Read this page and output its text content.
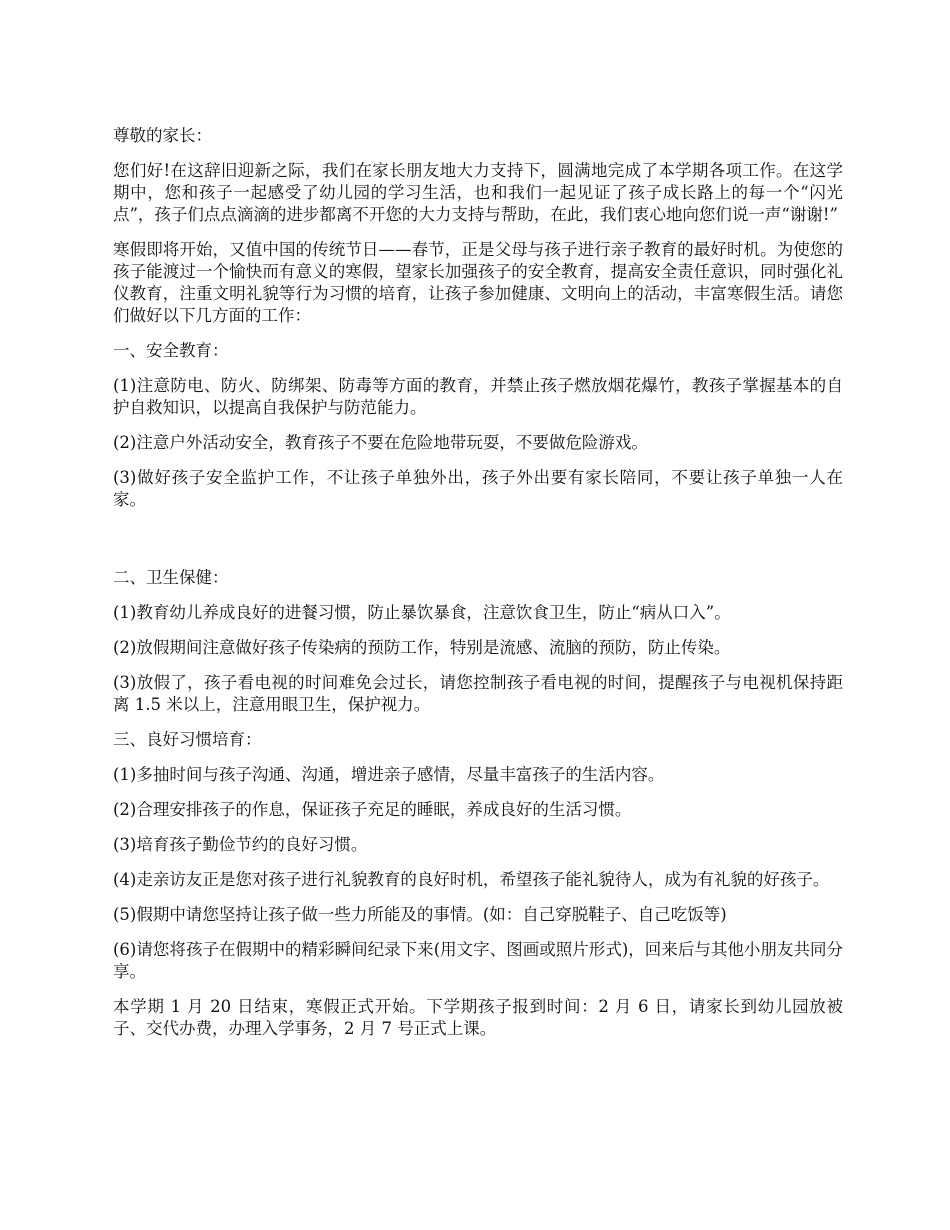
尊敬的家长：

您们好!在这辞旧迎新之际，我们在家长朋友地大力支持下，圆满地完成了本学期各项工作。在这学期中，您和孩子一起感受了幼儿园的学习生活，也和我们一起见证了孩子成长路上的每一个“闪光点”，孩子们点点滴滴的进步都离不开您的大力支持与帮助，在此，我们衷心地向您们说一声“谢谢!”

寒假即将开始，又值中国的传统节日——春节，正是父母与孩子进行亲子教育的最好时机。为使您的孩子能渡过一个愉快而有意义的寒假，望家长加强孩子的安全教育，提高安全责任意识，同时强化礼仪教育，注重文明礼貌等行为习惯的培育，让孩子参加健康、文明向上的活动，丰富寒假生活。请您们做好以下几方面的工作：

一、安全教育：

(1)注意防电、防火、防绑架、防毒等方面的教育，并禁止孩子燃放烟花爆竹，教孩子掌握基本的自护自救知识，以提高自我保护与防范能力。

(2)注意户外活动安全，教育孩子不要在危险地带玩耍，不要做危险游戏。

(3)做好孩子安全监护工作，不让孩子单独外出，孩子外出要有家长陪同，不要让孩子单独一人在家。

二、卫生保健：

(1)教育幼儿养成良好的进餐习惯，防止暴饮暴食，注意饮食卫生，防止“病从口入”。

(2)放假期间注意做好孩子传染病的预防工作，特别是流感、流脑的预防，防止传染。

(3)放假了，孩子看电视的时间难免会过长，请您控制孩子看电视的时间，提醒孩子与电视机保持距离 1.5 米以上，注意用眼卫生，保护视力。

三、良好习惯培育：

(1)多抽时间与孩子沟通、沟通，增进亲子感情，尽量丰富孩子的生活内容。

(2)合理安排孩子的作息，保证孩子充足的睡眠，养成良好的生活习惯。

(3)培育孩子勤俭节约的良好习惯。

(4)走亲访友正是您对孩子进行礼貌教育的良好时机，希望孩子能礼貌待人，成为有礼貌的好孩子。

(5)假期中请您坚持让孩子做一些力所能及的事情。(如：自己穿脱鞋子、自己吃饭等)

(6)请您将孩子在假期中的精彩瞬间纪录下来(用文字、图画或照片形式)，回来后与其他小朋友共同分享。

本学期 1 月 20 日结束，寒假正式开始。下学期孩子报到时间：2 月 6 日，请家长到幼儿园放被子、交代办费，办理入学事务，2 月 7 号正式上课。
